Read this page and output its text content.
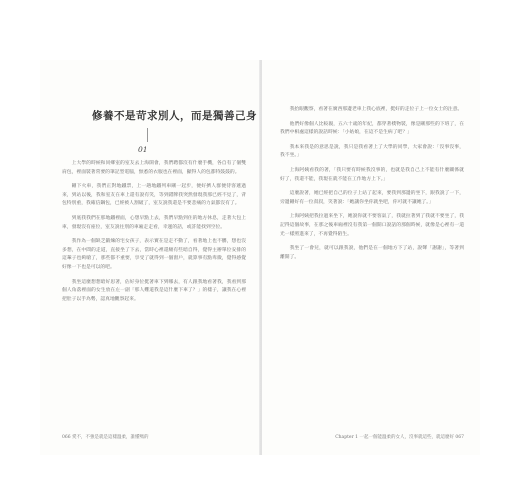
修養不是苛求別人，而是獨善己身
01

上大學的時候和同鄉室的室友去上海開會，我們聘都沒有什麼手機，各自有了個雙肩包，裡面裝著常要的筆記型電腦，無悉的衣服也在裡面，顯得人的包都特鼓鼓的。

剛下火車，我們正對地鐵票，上一趟地鐵列車剛一起步，便好擠人群便待客遞過來，到站以後，我和室友在車上還有說有笑，等到錯牌我突然發現我那已經不見了，背包特別重，我確信鋼包，已經被人割破了，室友說我還是不要悲痛的力氣都沒有了。

到底我我們在那地鐵裡面，心想早點上去，我們早點到住的地方休息，走著大包上車，發現沒有座位，室友說往別的車廂走走看，幸運的話，或許能找到空位。

我作為一個缺乏鍛煉的宅女孩子，表示實在是走不動了，看著地上也不髒，想也沒多想，在中間的走道，直接坐了下去，當時心裡還頗有些暗自得，覺得主辦單位安排的這輩子也夠嗆了，那些都不重要，享受了就得到一個窗戶，就算事有點卑微，覺得感覺好像一下也是可以的吧。

我坐這麼想想暗好思著，佔好身位挺著車下到哪去，有人跟我地看著我，我看到那個人角落裡面的女生放在左一副「那人難道我是這什麼下車了？」的樣子，讓我在心裡把肚子以手為勢，認真地觀察起來。

我抬眼觀察，看著在廣西那邊老車上我心底裡，挺好的走位子上一位女士的注意。

他們好像個人比較親，五六十歲的年紀，都穿著樸物裝，像是剛那些的下班了，在我們中相處這樣的說話時候：「小姑娘，在這不是生病了吧？」

我本來我是的意思是說，我只是我看著上了大學的同學，大家會說：「沒事沒事，我不坐。」

上海阿姨看我的著，「我只要有時候我沒事的，也就是我自己上不能有什麼關係就好了，我還不能，我現在就不能在工作地方上下。」

這麼說著，她已經把自己的位子上站了起來，要我到那邊的坐下，跟我說了一下，旁邊剛好有一位叔叔，笑著說：「她讓你坐你就坐吧，你可就不讓她了。」

上海阿姨把我拉過來坐下，她說你就不要客氣了，我就拉著到了我就不要坐了，我記得這個故事，在那之後車廂裡沒有我第一個開口說話的那個時候，就像是心裡有一道光一樣照進來了，不再覺得陌生。

我坐了一會兒，就可以跟我說，他們是在一個地方下了站，說聲「謝謝」，等著到離開了。

066 愛不，不強是就是這樣溫柔，誰懂嗎的	Chapter 1 一起一個能溫柔的女人，沒事就這些，就這麼好 067
